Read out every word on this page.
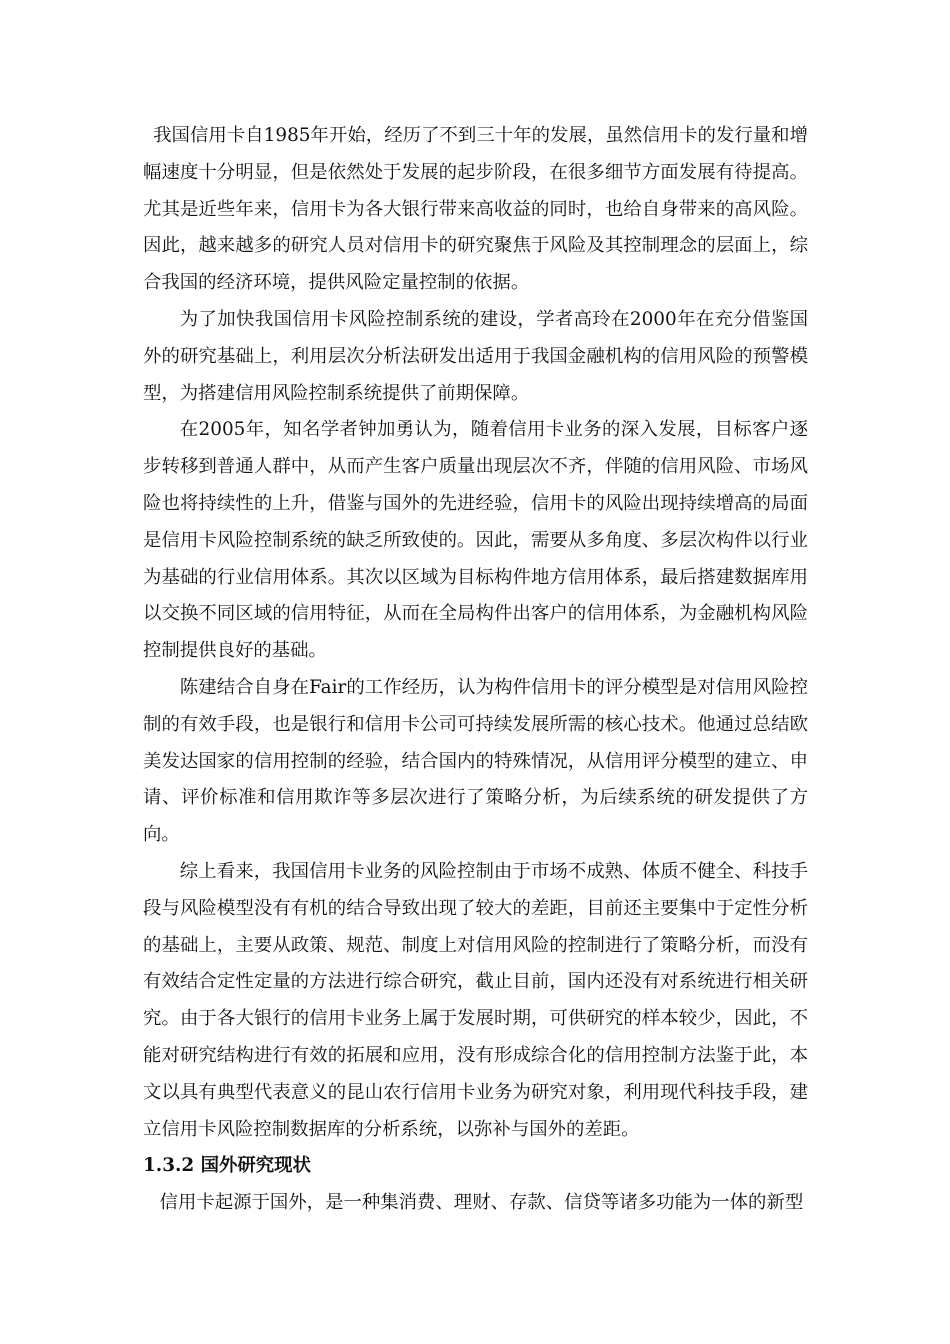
我国信用卡自1985年开始，经历了不到三十年的发展，虽然信用卡的发行量和增幅速度十分明显，但是依然处于发展的起步阶段，在很多细节方面发展有待提高。尤其是近些年来，信用卡为各大银行带来高收益的同时，也给自身带来的高风险。因此，越来越多的研究人员对信用卡的研究聚焦于风险及其控制理念的层面上，综合我国的经济环境，提供风险定量控制的依据。

为了加快我国信用卡风险控制系统的建设，学者高玲在2000年在充分借鉴国外的研究基础上，利用层次分析法研发出适用于我国金融机构的信用风险的预警模型，为搭建信用风险控制系统提供了前期保障。

在2005年，知名学者钟加勇认为，随着信用卡业务的深入发展，目标客户逐步转移到普通人群中，从而产生客户质量出现层次不齐，伴随的信用风险、市场风险也将持续性的上升，借鉴与国外的先进经验，信用卡的风险出现持续增高的局面是信用卡风险控制系统的缺乏所致使的。因此，需要从多角度、多层次构件以行业为基础的行业信用体系。其次以区域为目标构件地方信用体系，最后搭建数据库用以交换不同区域的信用特征，从而在全局构件出客户的信用体系，为金融机构风险控制提供良好的基础。

陈建结合自身在Fair的工作经历，认为构件信用卡的评分模型是对信用风险控制的有效手段，也是银行和信用卡公司可持续发展所需的核心技术。他通过总结欧美发达国家的信用控制的经验，结合国内的特殊情况，从信用评分模型的建立、申请、评价标准和信用欺诈等多层次进行了策略分析，为后续系统的研发提供了方向。

综上看来，我国信用卡业务的风险控制由于市场不成熟、体质不健全、科技手段与风险模型没有有机的结合导致出现了较大的差距，目前还主要集中于定性分析的基础上，主要从政策、规范、制度上对信用风险的控制进行了策略分析，而没有有效结合定性定量的方法进行综合研究，截止目前，国内还没有对系统进行相关研究。由于各大银行的信用卡业务上属于发展时期，可供研究的样本较少，因此，不能对研究结构进行有效的拓展和应用，没有形成综合化的信用控制方法鉴于此，本文以具有典型代表意义的昆山农行信用卡业务为研究对象，利用现代科技手段，建立信用卡风险控制数据库的分析系统，以弥补与国外的差距。

1.3.2 国外研究现状

信用卡起源于国外，是一种集消费、理财、存款、信贷等诸多功能为一体的新型
